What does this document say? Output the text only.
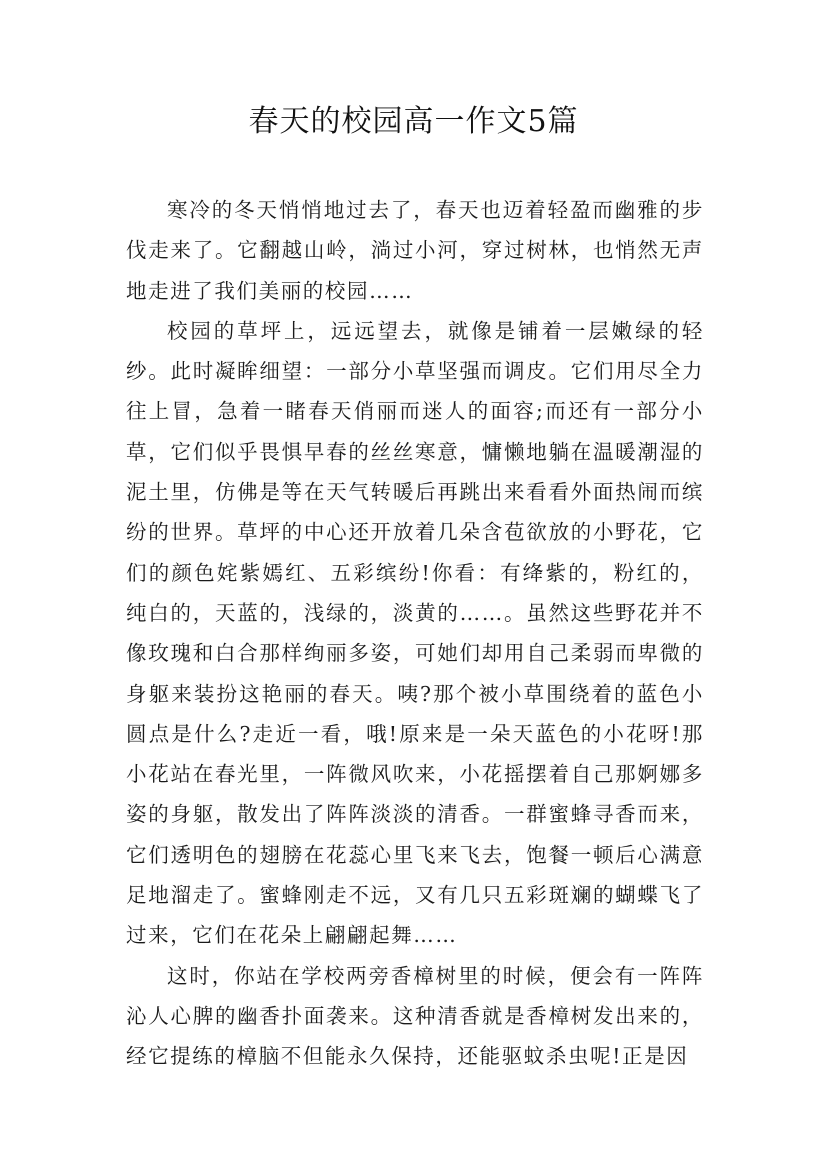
春天的校园高一作文5篇

寒冷的冬天悄悄地过去了，春天也迈着轻盈而幽雅的步伐走来了。它翻越山岭，淌过小河，穿过树林，也悄然无声地走进了我们美丽的校园……

校园的草坪上，远远望去，就像是铺着一层嫩绿的轻纱。此时凝眸细望：一部分小草坚强而调皮。它们用尽全力往上冒，急着一睹春天俏丽而迷人的面容;而还有一部分小草，它们似乎畏惧早春的丝丝寒意，慵懒地躺在温暖潮湿的泥土里，仿佛是等在天气转暖后再跳出来看看外面热闹而缤纷的世界。草坪的中心还开放着几朵含苞欲放的小野花，它们的颜色姹紫嫣红、五彩缤纷!你看：有绛紫的，粉红的，纯白的，天蓝的，浅绿的，淡黄的……。虽然这些野花并不像玫瑰和白合那样绚丽多姿，可她们却用自己柔弱而卑微的身躯来装扮这艳丽的春天。咦?那个被小草围绕着的蓝色小圆点是什么?走近一看，哦!原来是一朵天蓝色的小花呀!那小花站在春光里，一阵微风吹来，小花摇摆着自己那婀娜多姿的身躯，散发出了阵阵淡淡的清香。一群蜜蜂寻香而来，它们透明色的翅膀在花蕊心里飞来飞去，饱餐一顿后心满意足地溜走了。蜜蜂刚走不远，又有几只五彩斑斓的蝴蝶飞了过来，它们在花朵上翩翩起舞……

这时，你站在学校两旁香樟树里的时候，便会有一阵阵沁人心脾的幽香扑面袭来。这种清香就是香樟树发出来的，经它提练的樟脑不但能永久保持，还能驱蚊杀虫呢!正是因
